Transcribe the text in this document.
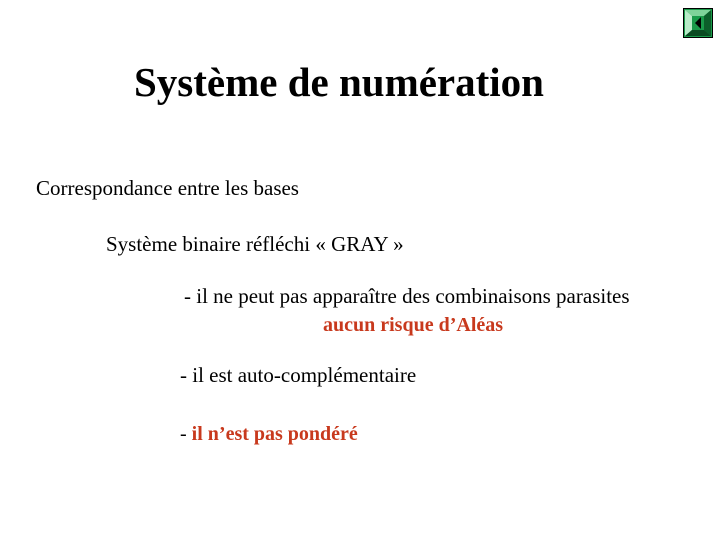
Système de numération
Correspondance entre les bases
Système binaire réfléchi « GRAY »
- il ne peut pas apparaître des combinaisons parasites
aucun risque d’Aléas
- il est auto-complémentaire
- il n’est pas pondéré
